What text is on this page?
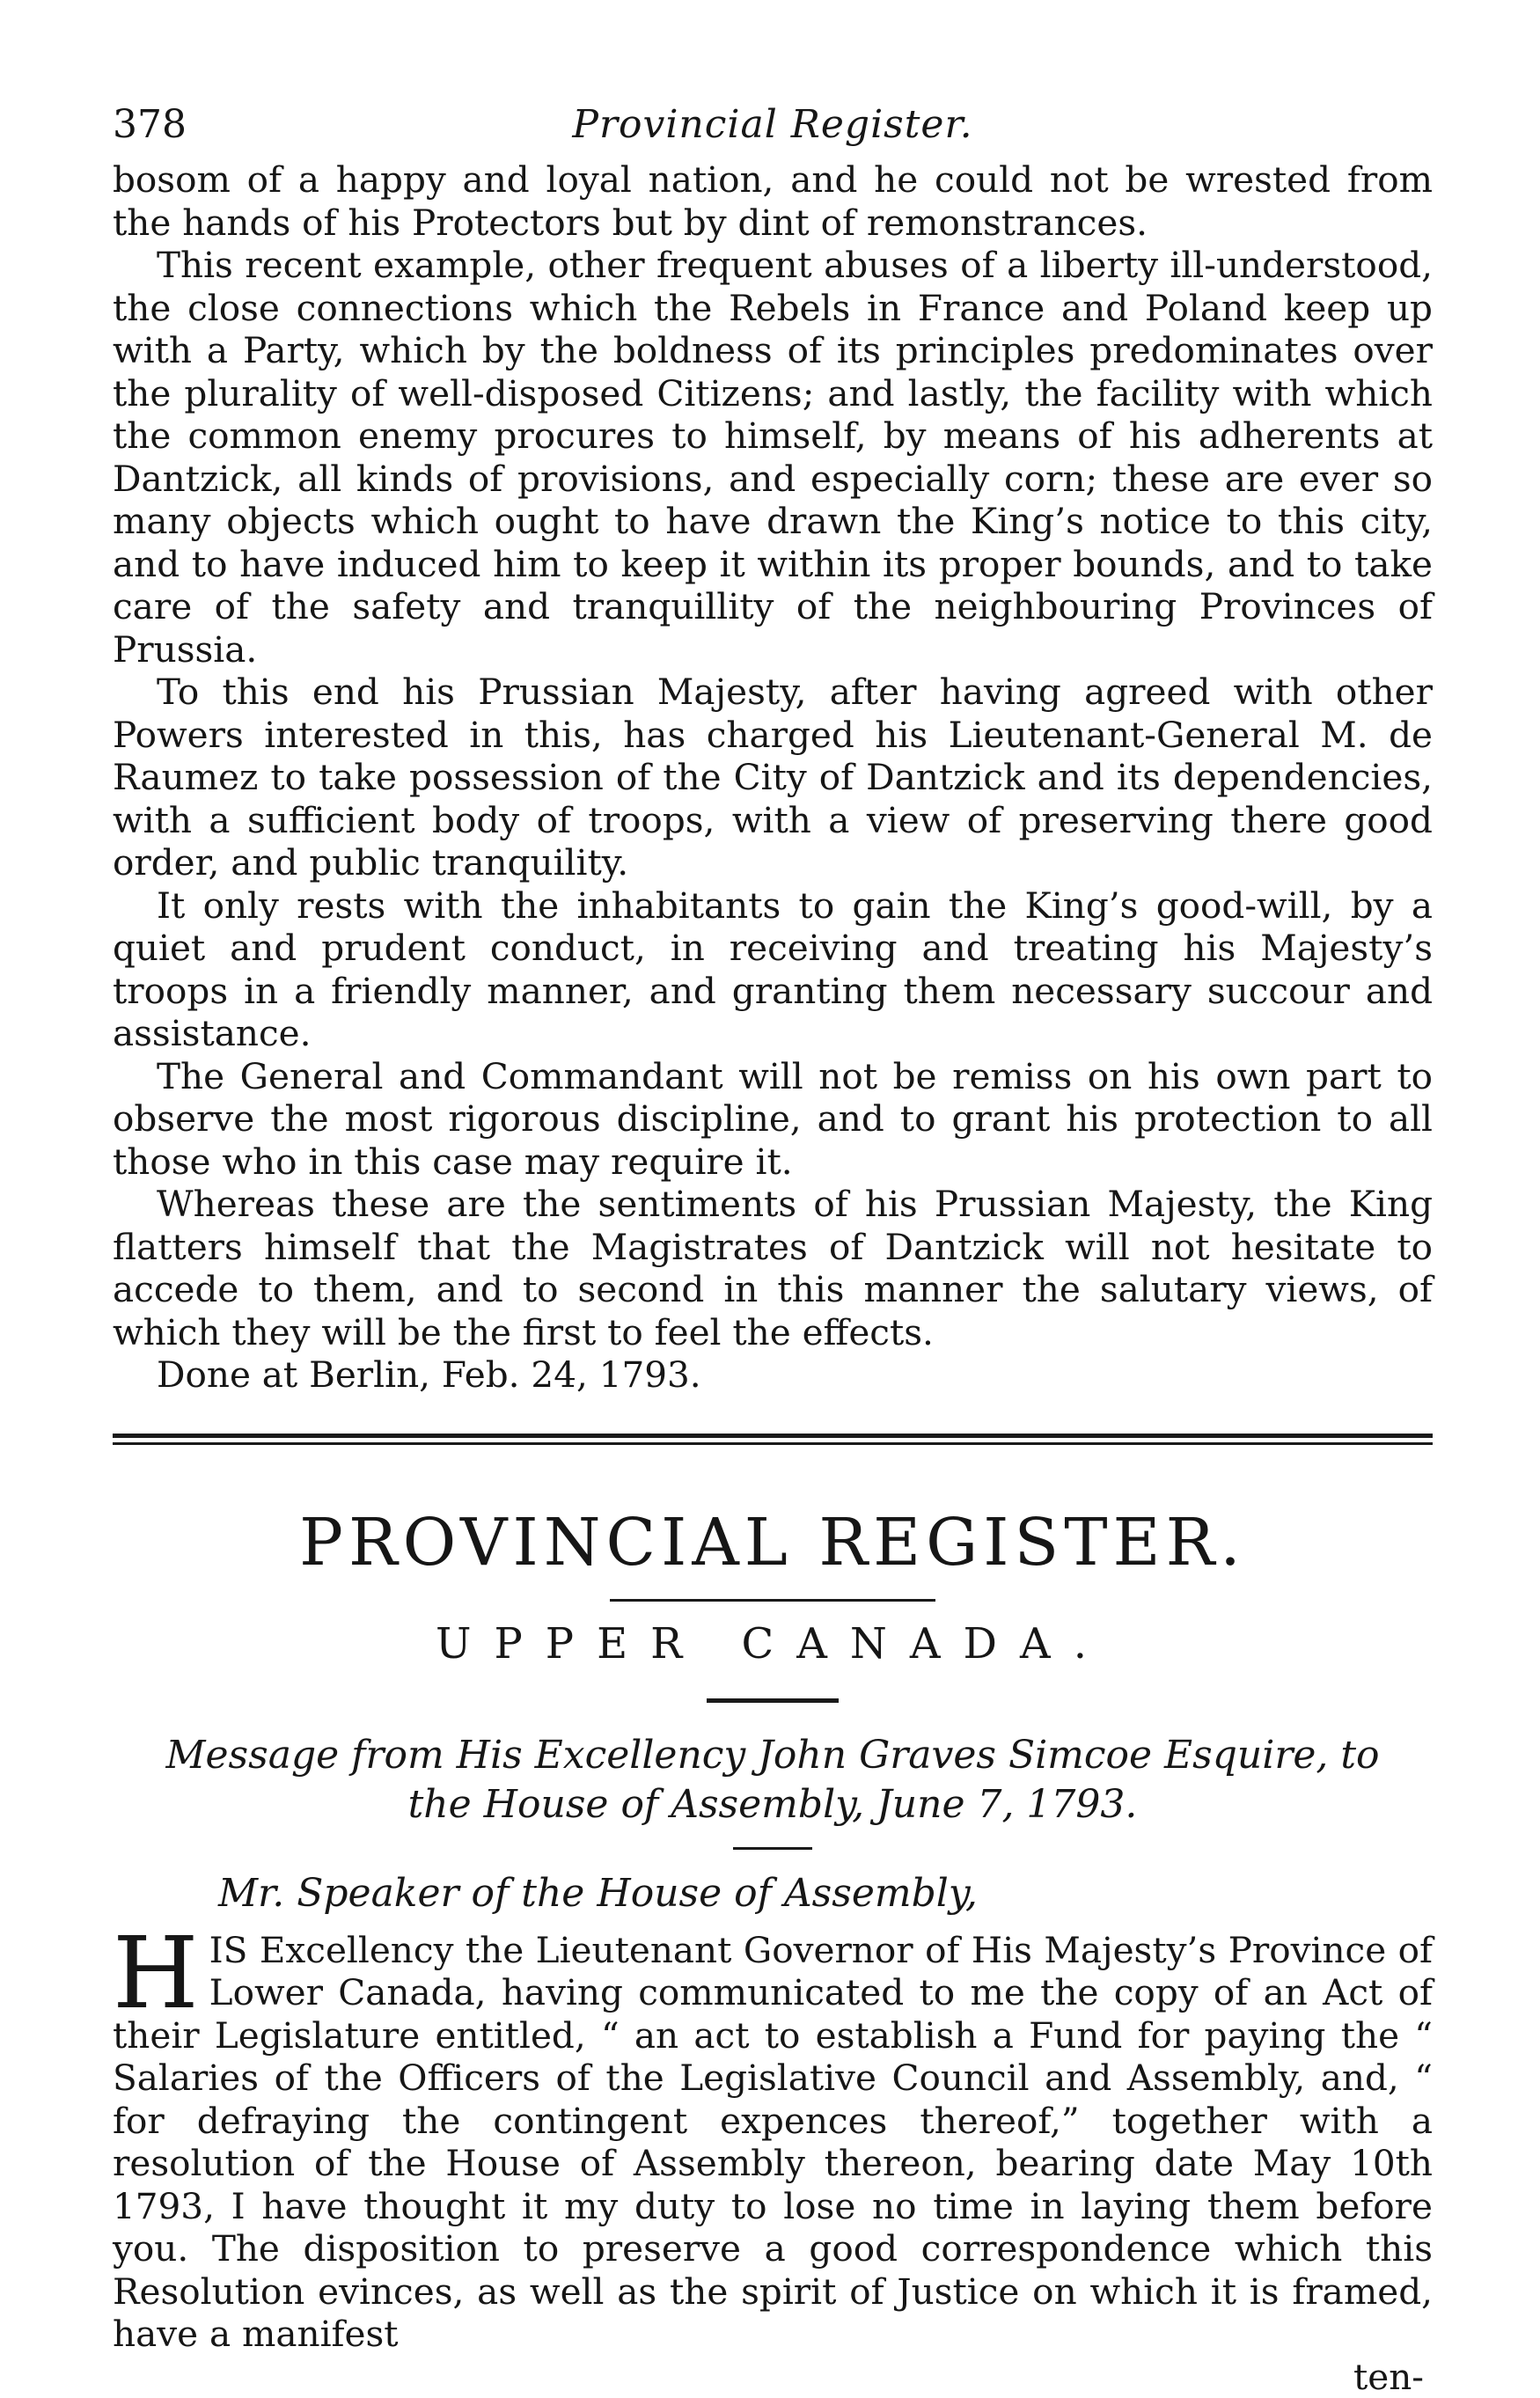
378	Provincial Register.

bosom of a happy and loyal nation, and he could not be wrested from the hands of his Protectors but by dint of remonstrances.

This recent example, other frequent abuses of a liberty ill-understood, the close connections which the Rebels in France and Poland keep up with a Party, which by the boldness of its principles predominates over the plurality of well-disposed Citizens; and lastly, the facility with which the common enemy procures to himself, by means of his adherents at Dantzick, all kinds of provisions, and especially corn; these are ever so many objects which ought to have drawn the King’s notice to this city, and to have induced him to keep it within its proper bounds, and to take care of the safety and tranquillity of the neighbouring Provinces of Prussia.

To this end his Prussian Majesty, after having agreed with other Powers interested in this, has charged his Lieutenant-General M. de Raumez to take possession of the City of Dantzick and its dependencies, with a sufficient body of troops, with a view of preserving there good order, and public tranquility.

It only rests with the inhabitants to gain the King’s good-will, by a quiet and prudent conduct, in receiving and treating his Majesty’s troops in a friendly manner, and granting them necessary succour and assistance.

The General and Commandant will not be remiss on his own part to observe the most rigorous discipline, and to grant his protection to all those who in this case may require it.

Whereas these are the sentiments of his Prussian Majesty, the King flatters himself that the Magistrates of Dantzick will not hesitate to accede to them, and to second in this manner the salutary views, of which they will be the first to feel the effects.

Done at Berlin, Feb. 24, 1793.

PROVINCIAL REGISTER.
UPPER CANADA.
Message from His Excellency John Graves Simcoe Esquire, to the House of Assembly, June 7, 1793.
Mr. Speaker of the House of Assembly,
H IS Excellency the Lieutenant Governor of His Majesty’s Province of Lower Canada, having communicated to me the copy of an Act of their Legislature entitled, “ an act to establish a Fund for paying the “ Salaries of the Officers of the Legislative Council and Assembly, and, “ for defraying the contingent expences thereof,” together with a resolution of the House of Assembly thereon, bearing date May 10th 1793, I have thought it my duty to lose no time in laying them before you. The disposition to preserve a good correspondence which this Resolution evinces, as well as the spirit of Justice on which it is framed, have a manifest

ten-
